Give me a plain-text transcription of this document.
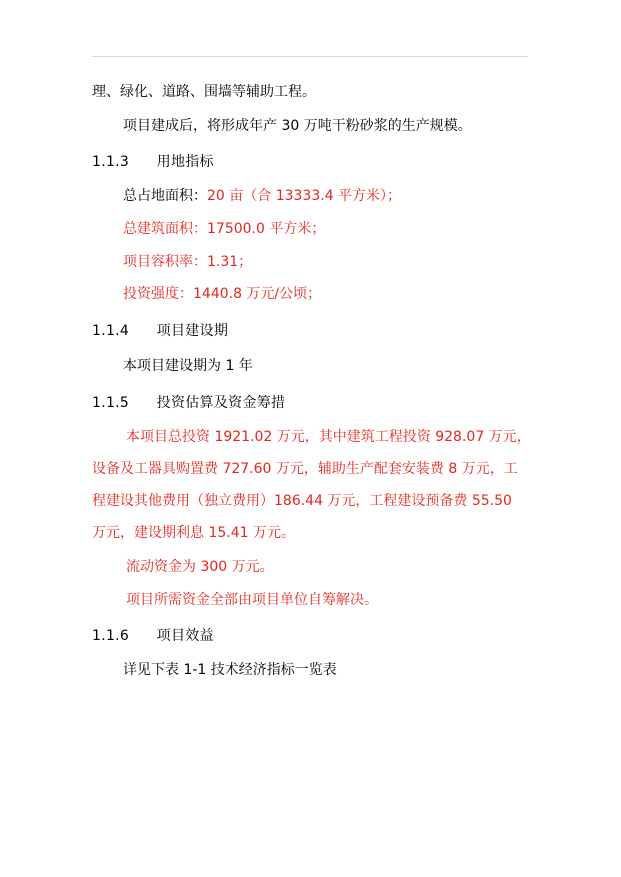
理、绿化、道路、围墙等辅助工程。
项目建成后，将形成年产 30 万吨干粉砂浆的生产规模。
1.1.3 用地指标
总占地面积：20 亩（合 13333.4 平方米）；
总建筑面积：17500.0 平方米；
项目容积率：1.31；
投资强度：1440.8 万元/公顷；
1.1.4 项目建设期
本项目建设期为 1 年
1.1.5 投资估算及资金筹措
本项目总投资 1921.02 万元，其中建筑工程投资 928.07 万元，
设备及工器具购置费 727.60 万元，辅助生产配套安装费 8 万元，工
程建设其他费用（独立费用）186.44 万元，工程建设预备费 55.50
万元，建设期利息 15.41 万元。
流动资金为 300 万元。
项目所需资金全部由项目单位自筹解决。
1.1.6 项目效益
详见下表 1-1 技术经济指标一览表
